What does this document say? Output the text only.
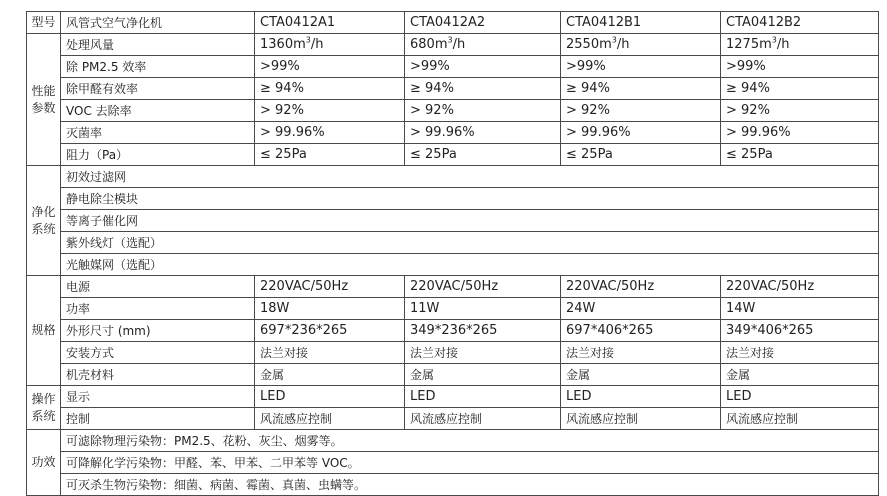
型号	风管式空气净化机	CTA0412A1	CTA0412A2	CTA0412B1	CTA0412B2
性能参数	处理风量	$1360m^3/h$	$680m^3/h$	$2550m^3/h$	$1275m^3/h$
	除 PM2.5 效率	>99%	>99%	>99%	>99%
	除甲醛有效率	≥ 94%	≥ 94%	≥ 94%	≥ 94%
	VOC 去除率	> 92%	> 92%	> 92%	> 92%
	灭菌率	> 99.96%	> 99.96%	> 99.96%	> 99.96%
	阻力（Pa）	≤ 25Pa	≤ 25Pa	≤ 25Pa	≤ 25Pa
净化系统	初效过滤网				
	静电除尘模块				
	等离子催化网				
	紫外线灯（选配）				
	光触媒网（选配）				
规格	电源	220VAC/50Hz	220VAC/50Hz	220VAC/50Hz	220VAC/50Hz
	功率	18W	11W	24W	14W
	外形尺寸 (mm)	697*236*265	349*236*265	697*406*265	349*406*265
	安装方式	法兰对接	法兰对接	法兰对接	法兰对接
	机壳材料	金属	金属	金属	金属
操作系统	显示	LED	LED	LED	LED
	控制	风流感应控制	风流感应控制	风流感应控制	风流感应控制
功效	可滤除物理污染物：PM2.5、花粉、灰尘、烟雾等。				
	可降解化学污染物：甲醛、苯、甲苯、二甲苯等 VOC。				
	可灭杀生物污染物：细菌、病菌、霉菌、真菌、虫螨等。				
